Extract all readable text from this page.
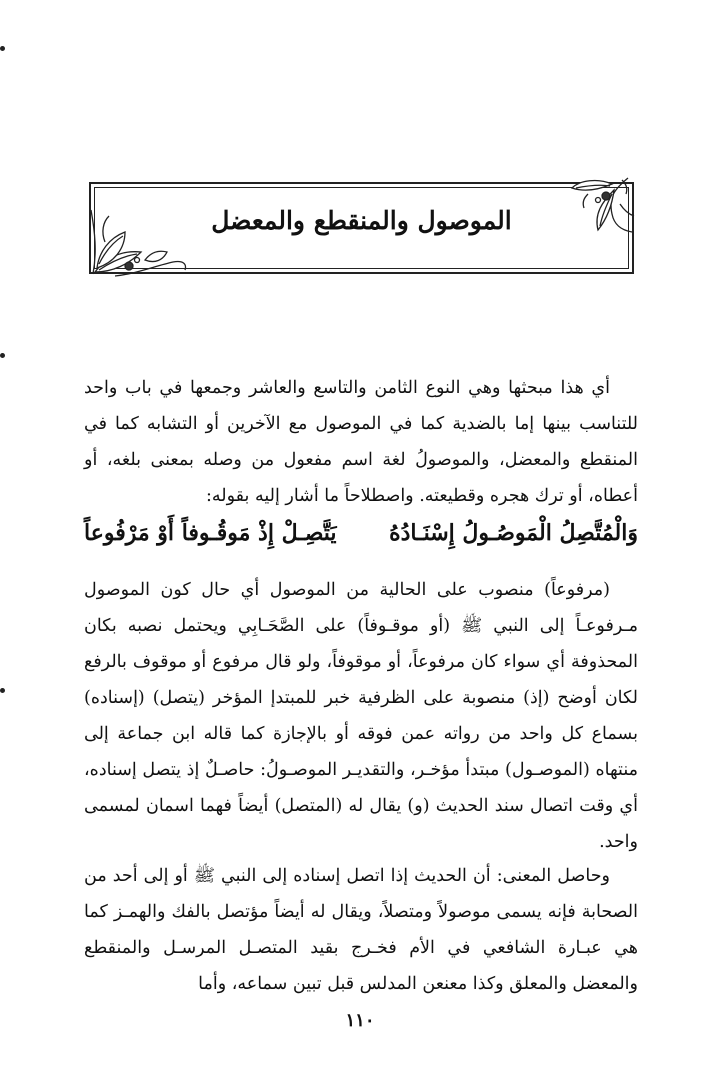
الموصول والمنقطع والمعضل

أي هذا مبحثها وهي النوع الثامن والتاسع والعاشر وجمعها في باب واحد للتناسب بينها إما بالضدية كما في الموصول مع الآخرين أو التشابه كما في المنقطع والمعضل، والموصولُ لغة اسم مفعول من وصله بمعنى بلغه، أو أعطاه، أو ترك هجره وقطيعته. واصطلاحاً ما أشار إليه بقوله:

وَالْمُتَّصِلُ الْمَوصُـولُ إِسْنَـادُهُ
يَتَّصِـلْ إِذْ مَوقُـوفاً أَوْ مَرْفُوعاً

(مرفوعاً) منصوب على الحالية من الموصول أي حال كون الموصول مـرفوعـاً إلى النبي ﷺ (أو موقـوفاً) على الصَّحَـابِي ويحتمل نصبه بكان المحذوفة أي سواء كان مرفوعاً، أو موقوفاً، ولو قال مرفوع أو موقوف بالرفع لكان أوضح (إذ) منصوبة على الظرفية خبر للمبتدإ المؤخر (يتصل) (إسناده) بسماع كل واحد من رواته عمن فوقه أو بالإجازة كما قاله ابن جماعة إلى منتهاه (الموصـول) مبتدأ مؤخـر، والتقديـر الموصـولُ: حاصـلٌ إذ يتصل إسناده، أي وقت اتصال سند الحديث (و) يقال له (المتصل) أيضاً فهما اسمان لمسمى واحد.

وحاصل المعنى: أن الحديث إذا اتصل إسناده إلى النبي ﷺ أو إلى أحد من الصحابة فإنه يسمى موصولاً ومتصلاً، ويقال له أيضاً مؤتصل بالفك والهمـز كما هي عبـارة الشافعي في الأم فخـرج بقيد المتصـل المرسـل والمنقطع والمعضل والمعلق وكذا معنعن المدلس قبل تبين سماعه، وأما

١١٠
